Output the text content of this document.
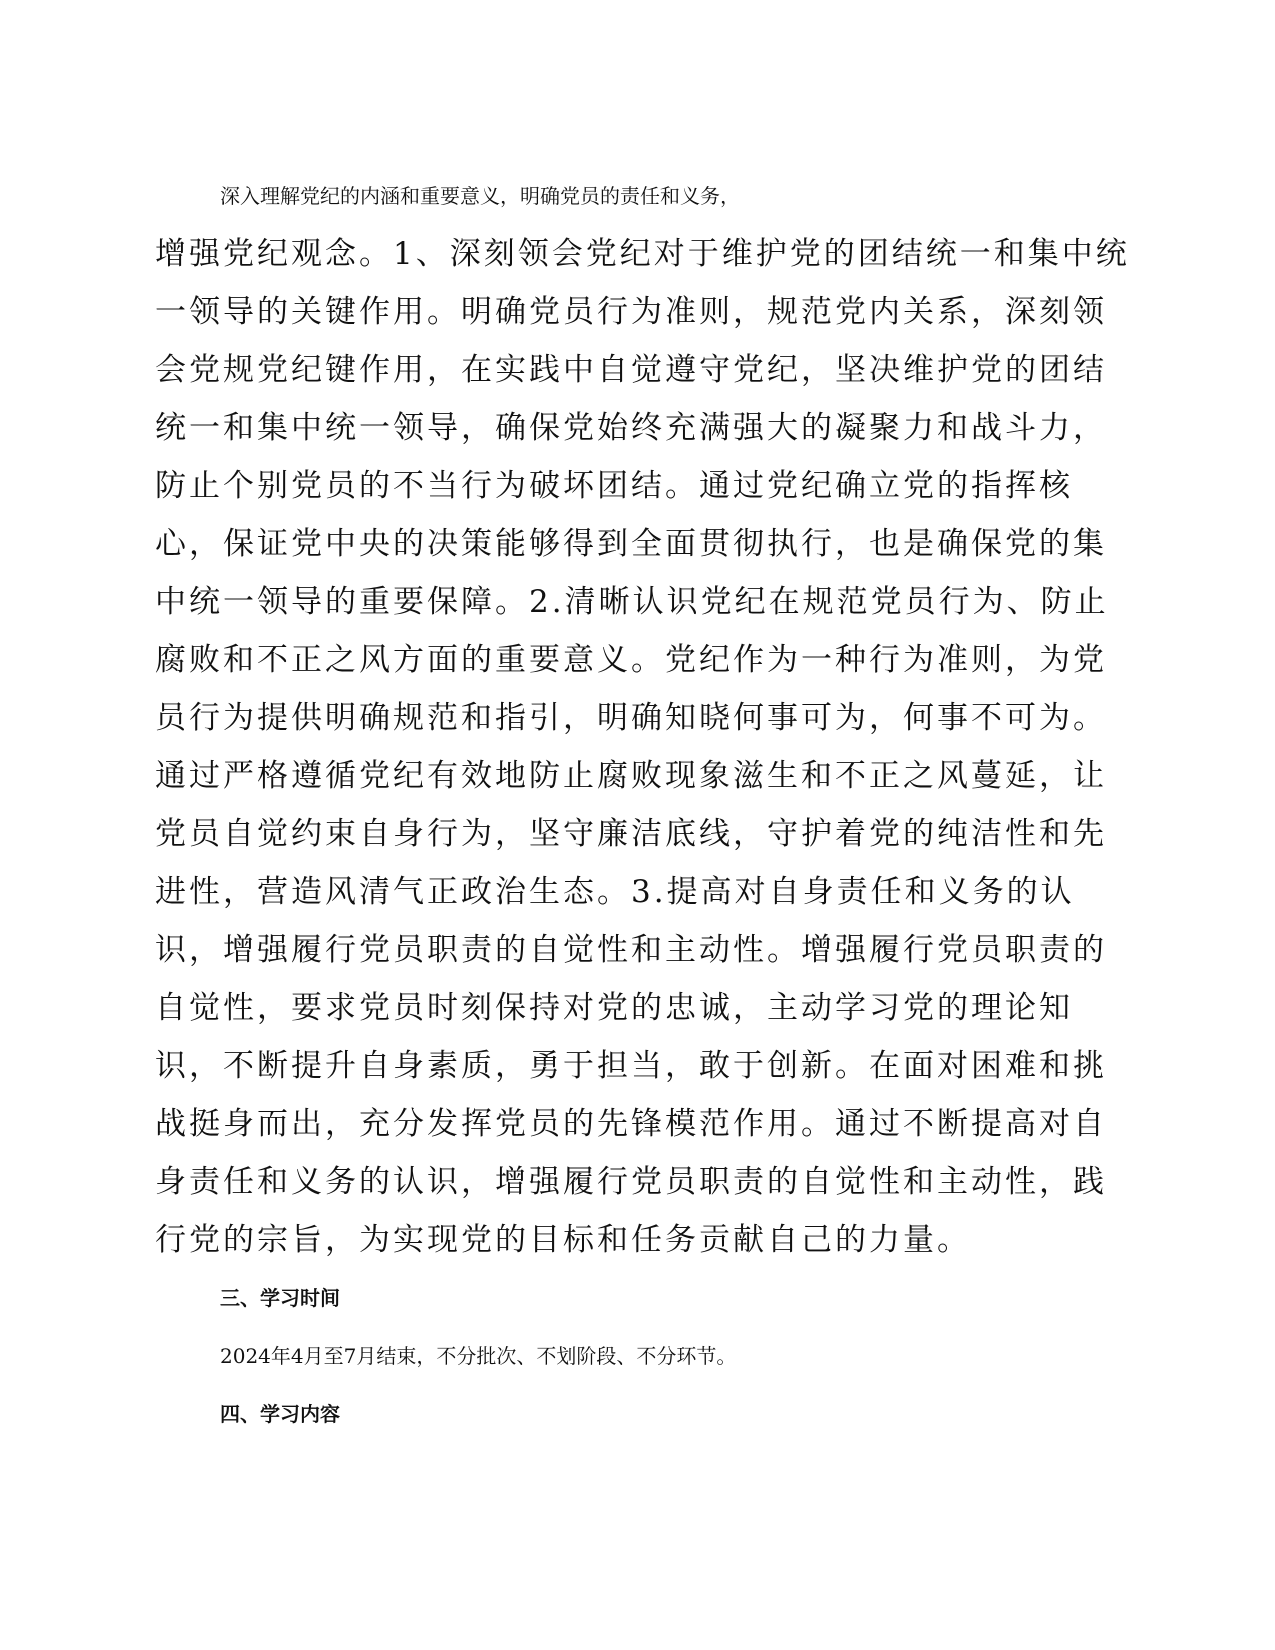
深入理解党纪的内涵和重要意义，明确党员的责任和义务，
增强党纪观念。1、深刻领会党纪对于维护党的团结统一和集中统
一领导的关键作用。明确党员行为准则，规范党内关系，深刻领
会党规党纪键作用，在实践中自觉遵守党纪，坚决维护党的团结
统一和集中统一领导，确保党始终充满强大的凝聚力和战斗力，
防止个别党员的不当行为破坏团结。通过党纪确立党的指挥核
心，保证党中央的决策能够得到全面贯彻执行，也是确保党的集
中统一领导的重要保障。2.清晰认识党纪在规范党员行为、防止
腐败和不正之风方面的重要意义。党纪作为一种行为准则，为党
员行为提供明确规范和指引，明确知晓何事可为，何事不可为。
通过严格遵循党纪有效地防止腐败现象滋生和不正之风蔓延，让
党员自觉约束自身行为，坚守廉洁底线，守护着党的纯洁性和先
进性，营造风清气正政治生态。3.提高对自身责任和义务的认
识，增强履行党员职责的自觉性和主动性。增强履行党员职责的
自觉性，要求党员时刻保持对党的忠诚，主动学习党的理论知
识，不断提升自身素质，勇于担当，敢于创新。在面对困难和挑
战挺身而出，充分发挥党员的先锋模范作用。通过不断提高对自
身责任和义务的认识，增强履行党员职责的自觉性和主动性，践
行党的宗旨，为实现党的目标和任务贡献自己的力量。
三、学习时间
2024年4月至7月结束，不分批次、不划阶段、不分环节。
四、学习内容
